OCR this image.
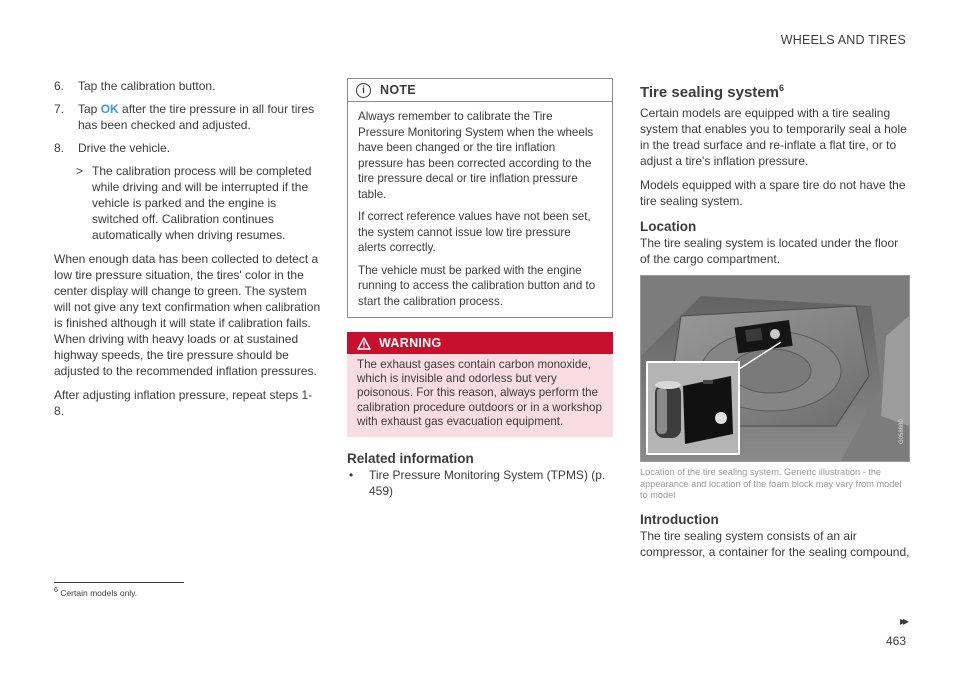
WHEELS AND TIRES
6. Tap the calibration button.
7. Tap OK after the tire pressure in all four tires has been checked and adjusted.
8. Drive the vehicle.
> The calibration process will be completed while driving and will be interrupted if the vehicle is parked and the engine is switched off. Calibration continues automatically when driving resumes.

When enough data has been collected to detect a low tire pressure situation, the tires' color in the center display will change to green. The system will not give any text confirmation when calibration is finished although it will state if calibration fails. When driving with heavy loads or at sustained highway speeds, the tire pressure should be adjusted to the recommended inflation pressures.

After adjusting inflation pressure, repeat steps 1-8.

i	NOTE

Always remember to calibrate the Tire Pressure Monitoring System when the wheels have been changed or the tire inflation pressure has been corrected according to the tire pressure decal or tire inflation pressure table.

If correct reference values have not been set, the system cannot issue low tire pressure alerts correctly.

The vehicle must be parked with the engine running to access the calibration button and to start the calibration process.

WARNING
The exhaust gases contain carbon monoxide, which is invisible and odorless but very poisonous. For this reason, always perform the calibration procedure outdoors or in a workshop with exhaust gas evacuation equipment.
Related information
• Tire Pressure Monitoring System (TPMS) (p. 459)
Tire sealing system$^6$

Certain models are equipped with a tire sealing system that enables you to temporarily seal a hole in the tread surface and re-inflate a flat tire, or to adjust a tire's inflation pressure.

Models equipped with a spare tire do not have the tire sealing system.

Location

The tire sealing system is located under the floor of the cargo compartment.

G058880
Location of the tire sealing system. Generic illustration - the appearance and location of the foam block may vary from model to model
Introduction

The tire sealing system consists of an air compressor, a container for the sealing compound,

$^6$ Certain models only.
▸▸
463
